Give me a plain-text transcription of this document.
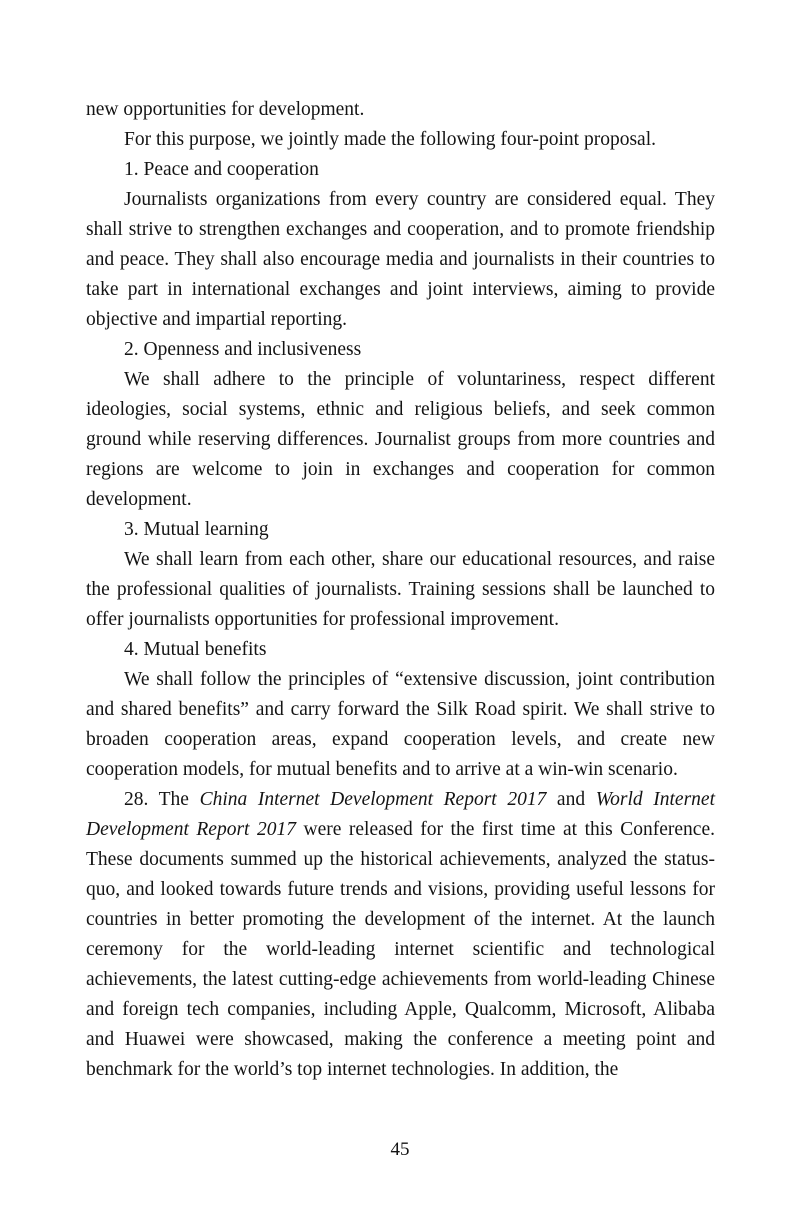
new opportunities for development.

For this purpose, we jointly made the following four-point proposal.

1. Peace and cooperation

Journalists organizations from every country are considered equal. They shall strive to strengthen exchanges and cooperation, and to promote friendship and peace. They shall also encourage media and journalists in their countries to take part in international exchanges and joint interviews, aiming to provide objective and impartial reporting.

2. Openness and inclusiveness

We shall adhere to the principle of voluntariness, respect different ideologies, social systems, ethnic and religious beliefs, and seek common ground while reserving differences. Journalist groups from more countries and regions are welcome to join in exchanges and cooperation for common development.

3. Mutual learning

We shall learn from each other, share our educational resources, and raise the professional qualities of journalists. Training sessions shall be launched to offer journalists opportunities for professional improvement.

4. Mutual benefits

We shall follow the principles of “extensive discussion, joint contribution and shared benefits” and carry forward the Silk Road spirit. We shall strive to broaden cooperation areas, expand cooperation levels, and create new cooperation models, for mutual benefits and to arrive at a win-win scenario.

28. The China Internet Development Report 2017 and World Internet Development Report 2017 were released for the first time at this Conference. These documents summed up the historical achievements, analyzed the status-quo, and looked towards future trends and visions, providing useful lessons for countries in better promoting the development of the internet. At the launch ceremony for the world-leading internet scientific and technological achievements, the latest cutting-edge achievements from world-leading Chinese and foreign tech companies, including Apple, Qualcomm, Microsoft, Alibaba and Huawei were showcased, making the conference a meeting point and benchmark for the world’s top internet technologies. In addition, the

45
